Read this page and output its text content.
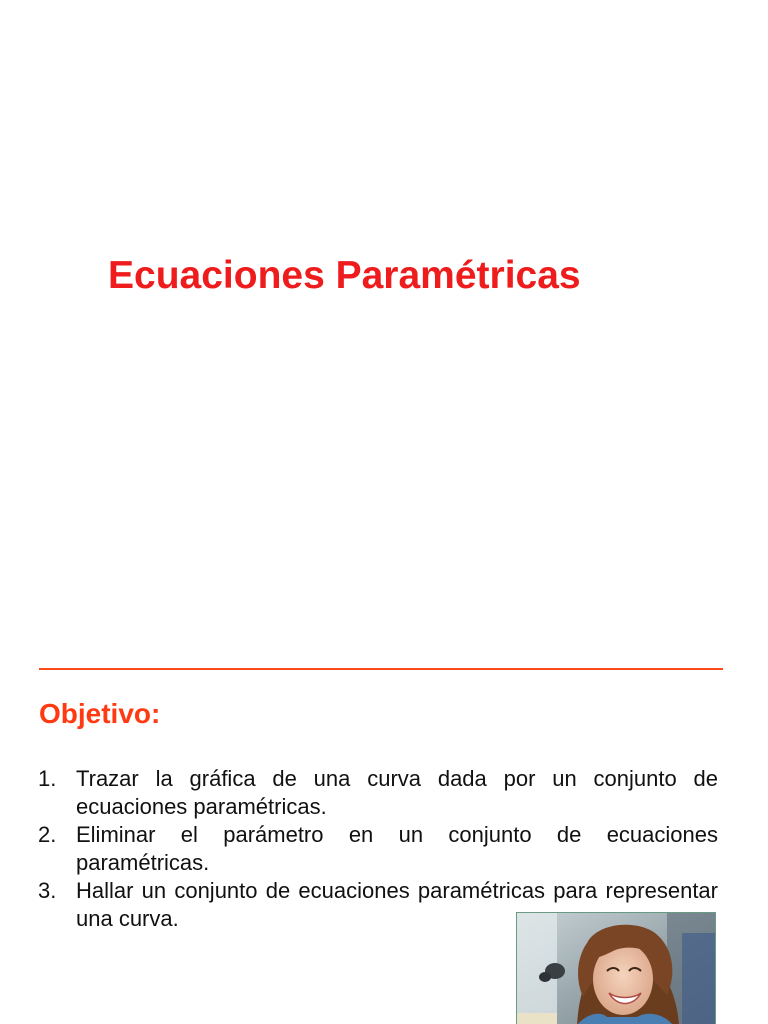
Ecuaciones Paramétricas
Objetivo:
1. Trazar la gráfica de una curva dada por un conjunto de ecuaciones paramétricas.
2. Eliminar el parámetro en un conjunto de ecuaciones paramétricas.
3. Hallar un conjunto de ecuaciones paramétricas para representar una curva.
